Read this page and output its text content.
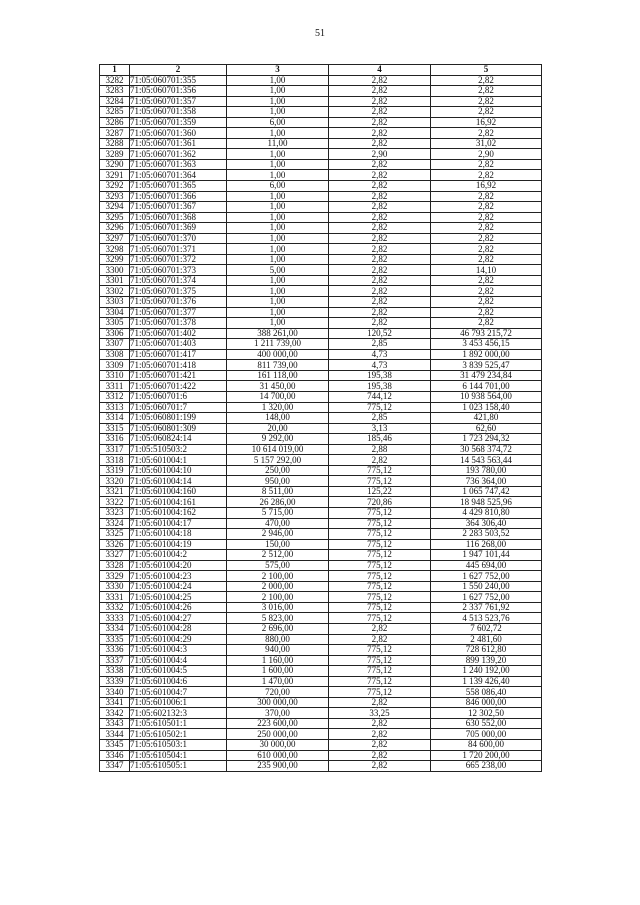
51
1	2	3	4	5
3282	71:05:060701:355	1,00	2,82	2,82
3283	71:05:060701:356	1,00	2,82	2,82
3284	71:05:060701:357	1,00	2,82	2,82
3285	71:05:060701:358	1,00	2,82	2,82
3286	71:05:060701:359	6,00	2,82	16,92
3287	71:05:060701:360	1,00	2,82	2,82
3288	71:05:060701:361	11,00	2,82	31,02
3289	71:05:060701:362	1,00	2,90	2,90
3290	71:05:060701:363	1,00	2,82	2,82
3291	71:05:060701:364	1,00	2,82	2,82
3292	71:05:060701:365	6,00	2,82	16,92
3293	71:05:060701:366	1,00	2,82	2,82
3294	71:05:060701:367	1,00	2,82	2,82
3295	71:05:060701:368	1,00	2,82	2,82
3296	71:05:060701:369	1,00	2,82	2,82
3297	71:05:060701:370	1,00	2,82	2,82
3298	71:05:060701:371	1,00	2,82	2,82
3299	71:05:060701:372	1,00	2,82	2,82
3300	71:05:060701:373	5,00	2,82	14,10
3301	71:05:060701:374	1,00	2,82	2,82
3302	71:05:060701:375	1,00	2,82	2,82
3303	71:05:060701:376	1,00	2,82	2,82
3304	71:05:060701:377	1,00	2,82	2,82
3305	71:05:060701:378	1,00	2,82	2,82
3306	71:05:060701:402	388 261,00	120,52	46 793 215,72
3307	71:05:060701:403	1 211 739,00	2,85	3 453 456,15
3308	71:05:060701:417	400 000,00	4,73	1 892 000,00
3309	71:05:060701:418	811 739,00	4,73	3 839 525,47
3310	71:05:060701:421	161 118,00	195,38	31 479 234,84
3311	71:05:060701:422	31 450,00	195,38	6 144 701,00
3312	71:05:060701:6	14 700,00	744,12	10 938 564,00
3313	71:05:060701:7	1 320,00	775,12	1 023 158,40
3314	71:05:060801:199	148,00	2,85	421,80
3315	71:05:060801:309	20,00	3,13	62,60
3316	71:05:060824:14	9 292,00	185,46	1 723 294,32
3317	71:05:510503:2	10 614 019,00	2,88	30 568 374,72
3318	71:05:601004:1	5 157 292,00	2,82	14 543 563,44
3319	71:05:601004:10	250,00	775,12	193 780,00
3320	71:05:601004:14	950,00	775,12	736 364,00
3321	71:05:601004:160	8 511,00	125,22	1 065 747,42
3322	71:05:601004:161	26 286,00	720,86	18 948 525,96
3323	71:05:601004:162	5 715,00	775,12	4 429 810,80
3324	71:05:601004:17	470,00	775,12	364 306,40
3325	71:05:601004:18	2 946,00	775,12	2 283 503,52
3326	71:05:601004:19	150,00	775,12	116 268,00
3327	71:05:601004:2	2 512,00	775,12	1 947 101,44
3328	71:05:601004:20	575,00	775,12	445 694,00
3329	71:05:601004:23	2 100,00	775,12	1 627 752,00
3330	71:05:601004:24	2 000,00	775,12	1 550 240,00
3331	71:05:601004:25	2 100,00	775,12	1 627 752,00
3332	71:05:601004:26	3 016,00	775,12	2 337 761,92
3333	71:05:601004:27	5 823,00	775,12	4 513 523,76
3334	71:05:601004:28	2 696,00	2,82	7 602,72
3335	71:05:601004:29	880,00	2,82	2 481,60
3336	71:05:601004:3	940,00	775,12	728 612,80
3337	71:05:601004:4	1 160,00	775,12	899 139,20
3338	71:05:601004:5	1 600,00	775,12	1 240 192,00
3339	71:05:601004:6	1 470,00	775,12	1 139 426,40
3340	71:05:601004:7	720,00	775,12	558 086,40
3341	71:05:601006:1	300 000,00	2,82	846 000,00
3342	71:05:602132:3	370,00	33,25	12 302,50
3343	71:05:610501:1	223 600,00	2,82	630 552,00
3344	71:05:610502:1	250 000,00	2,82	705 000,00
3345	71:05:610503:1	30 000,00	2,82	84 600,00
3346	71:05:610504:1	610 000,00	2,82	1 720 200,00
3347	71:05:610505:1	235 900,00	2,82	665 238,00
